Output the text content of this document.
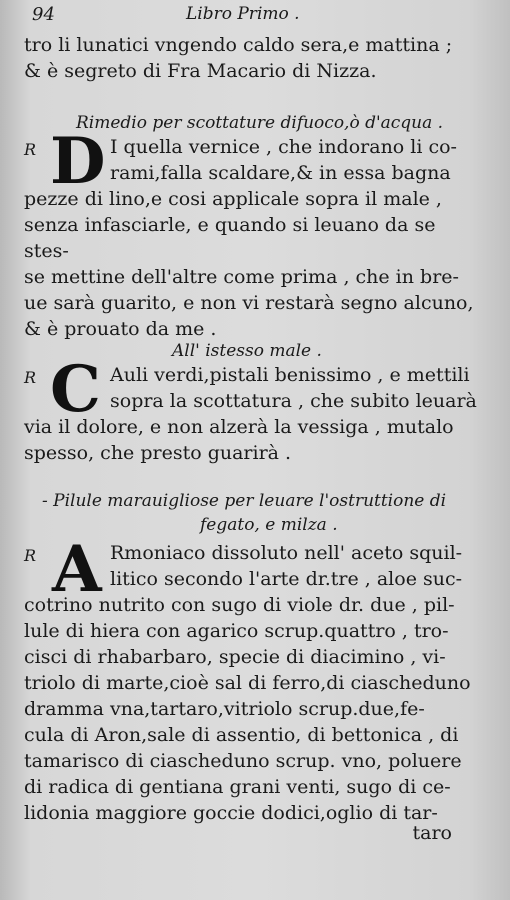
94	Libro Primo .
tro li lunatici vngendo caldo sera,e mattina ;
& è segreto di Fra Macario di Nizza.
Rimedio per scottature difuoco,ò d'acqua .
R D I quella vernice , che indorano li co-
rami,falla scaldare,& in essa bagna
pezze di lino,e cosi applicale sopra il male ,
senza infasciarle, e quando si leuano da se stes-
se mettine dell'altre come prima , che in bre-
ue sarà guarito, e non vi restarà segno alcuno,
& è prouato da me .
All' istesso male .
R C Auli verdi,pistali benissimo , e mettili
sopra la scottatura , che subito leuarà
via il dolore, e non alzerà la vessiga , mutalo
spesso, che presto guarirà .
- Pilule marauigliose per leuare l'ostruttione di
fegato, e milza .
R A Rmoniaco dissoluto nell' aceto squil-
litico secondo l'arte dr.tre , aloe suc-
cotrino nutrito con sugo di viole dr. due , pil-
lule di hiera con agarico scrup.quattro , tro-
cisci di rhabarbaro, specie di diacimino , vi-
triolo di marte,cioè sal di ferro,di ciascheduno
dramma vna,tartaro,vitriolo scrup.due,fe-
cula di Aron,sale di assentio, di bettonica , di
tamarisco di ciascheduno scrup. vno, poluere
di radica di gentiana grani venti, sugo di ce-
lidonia maggiore goccie dodici,oglio di tar-
taro
